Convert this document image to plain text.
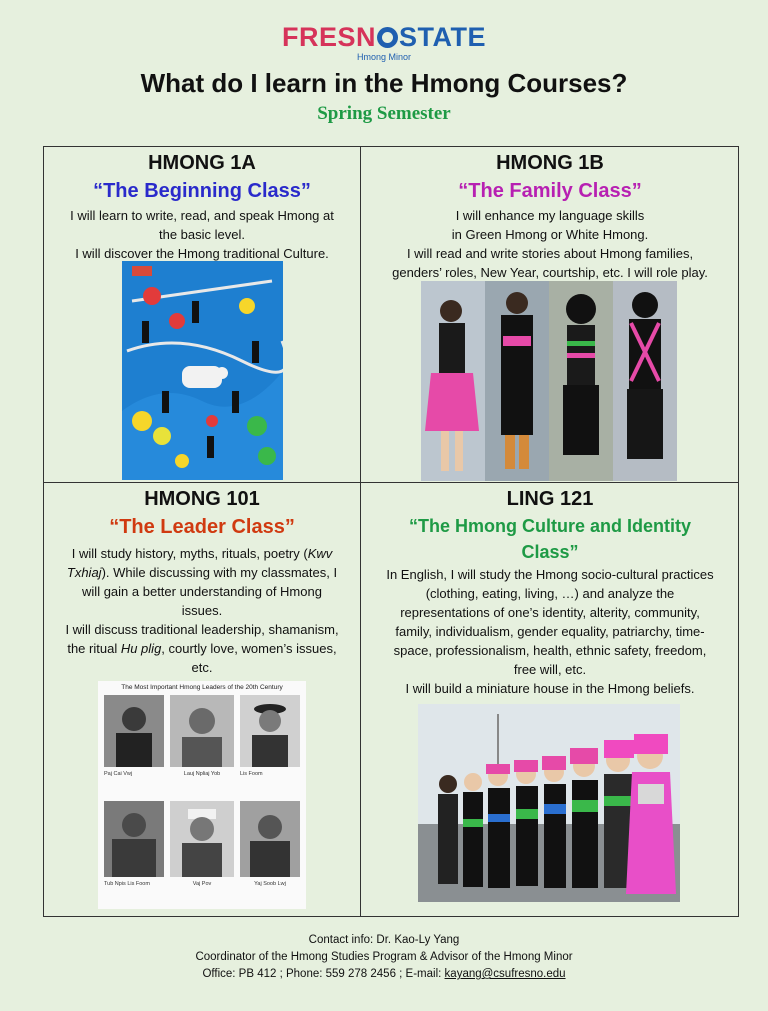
FRESN STATE
Hmong Minor
What do I learn in the Hmong Courses?
Spring Semester
HMONG 1A
“The Beginning Class”
I will learn to write, read, and speak Hmong at
the basic level.
I will discover the Hmong traditional Culture.
HMONG 1B
“The Family Class”
I will enhance my language skills
in Green Hmong or White Hmong.
I will read and write stories about Hmong families,
genders’ roles, New Year, courtship, etc. I will role play.
HMONG 101
“The Leader Class”
I will study history, myths, rituals, poetry (Kwv
Txhiaj). While discussing with my classmates, I
will gain a better understanding of Hmong
issues.
I will discuss traditional leadership, shamanism,
the ritual Hu plig, courtly love, women’s issues,
etc.
The Most Important Hmong Leaders of the 20th Century
Paj Cai Vwj	Lauj Npliaj Yob	Lis Foom
Tub Npis Lis Foom	Vaj Pov	Yaj Soob Lwj
LING 121
“The Hmong Culture and Identity
Class”
In English, I will study the Hmong socio-cultural practices
(clothing, eating, living, …) and analyze the
representations of one’s identity, alterity, community,
family, individualism, gender equality, patriarchy, time-
space, professionalism, health, ethnic safety, freedom,
free will, etc.
I will build a miniature house in the Hmong beliefs.
Contact info: Dr. Kao-Ly Yang
Coordinator of the Hmong Studies Program & Advisor of the Hmong Minor
Office: PB 412 ; Phone: 559 278 2456 ; E-mail: kayang@csufresno.edu
